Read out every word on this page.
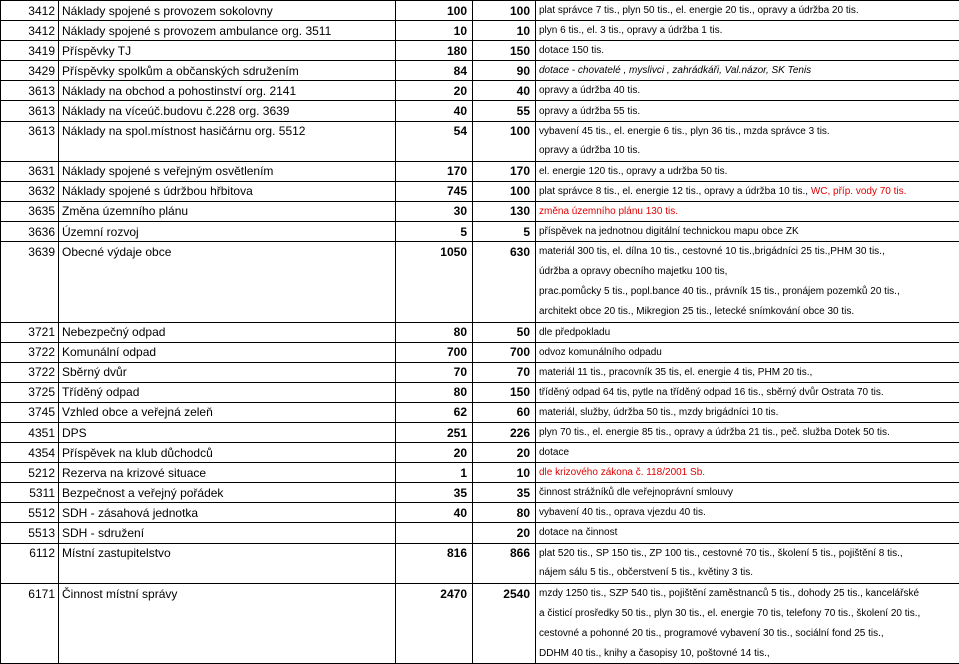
3412	Náklady spojené s provozem sokolovny	100	100	plat správce 7 tis., plyn 50 tis., el. energie 20 tis., opravy a údržba 20 tis.
3412	Náklady spojené s provozem ambulance org. 3511	10	10	plyn 6 tis., el. 3 tis., opravy a údržba 1 tis.
3419	Příspěvky TJ	180	150	dotace 150 tis.
3429	Příspěvky spolkům a občanských sdružením	84	90	dotace - chovatelé , myslivci , zahrádkáři, Val.názor, SK Tenis
3613	Náklady na obchod a pohostinství org. 2141	20	40	opravy a údržba 40 tis.
3613	Náklady na víceúč.budovu č.228 org. 3639	40	55	opravy a údržba 55 tis.
3613	Náklady na spol.místnost hasičárnu org. 5512	54	100	vybavení 45 tis., el. energie 6 tis., plyn 36 tis., mzda správce 3 tis.
				opravy a údržba 10 tis.
3631	Náklady spojené s veřejným osvětlením	170	170	el. energie 120 tis., opravy a udržba 50 tis.
3632	Náklady spojené s údržbou hřbitova	745	100	plat správce 8 tis., el. energie 12 tis., opravy a údržba 10 tis., WC, příp. vody 70 tis.
3635	Změna územního plánu	30	130	změna územního plánu 130 tis.
3636	Územní rozvoj	5	5	příspěvek na jednotnou digitální technickou mapu obce ZK
3639	Obecné výdaje obce	1050	630	materiál 300 tis, el. dílna 10 tis., cestovné 10 tis.,brigádníci 25 tis.,PHM 30 tis.,
				údržba a opravy obecního majetku 100 tis,
				prac.pomůcky 5 tis., popl.bance 40 tis., právník 15 tis., pronájem pozemků 20 tis.,
				architekt obce 20 tis., Mikregion 25 tis., letecké snímkování obce 30 tis.
3721	Nebezpečný odpad	80	50	dle předpokladu
3722	Komunální odpad	700	700	odvoz komunálního odpadu
3722	Sběrný dvůr	70	70	materiál 11 tis., pracovník 35 tis, el. energie 4 tis, PHM 20 tis.,
3725	Tříděný odpad	80	150	tříděný odpad 64 tis, pytle na tříděný odpad 16 tis., sběrný dvůr Ostrata 70 tis.
3745	Vzhled obce a veřejná zeleň	62	60	materiál, služby, údržba 50 tis., mzdy brigádníci 10 tis.
4351	DPS	251	226	plyn 70 tis., el. energie 85 tis., opravy a údržba 21 tis., peč. služba Dotek 50 tis.
4354	Příspěvek na klub důchodců	20	20	dotace
5212	Rezerva na krizové situace	1	10	dle krizového zákona č. 118/2001 Sb.
5311	Bezpečnost a veřejný pořádek	35	35	činnost strážníků dle veřejnoprávní smlouvy
5512	SDH - zásahová jednotka	40	80	vybavení 40 tis., oprava vjezdu 40 tis.
5513	SDH - sdružení		20	dotace na činnost
6112	Místní zastupitelstvo	816	866	plat 520 tis., SP 150 tis., ZP 100 tis., cestovné 70 tis., školení 5 tis., pojištění 8 tis.,
				nájem sálu 5 tis., občerstvení 5 tis., květiny 3 tis.
6171	Činnost místní správy	2470	2540	mzdy 1250 tis., SZP 540 tis., pojištění zaměstnanců 5 tis., dohody 25 tis., kancelářské
				a čisticí prosředky 50 tis., plyn 30 tis., el. energie 70 tis, telefony 70 tis., školení 20 tis.,
				cestovné a pohonné 20 tis., programové vybavení 30 tis., sociální fond 25 tis.,
				DDHM 40 tis., knihy a časopisy 10, poštovné 14 tis.,
